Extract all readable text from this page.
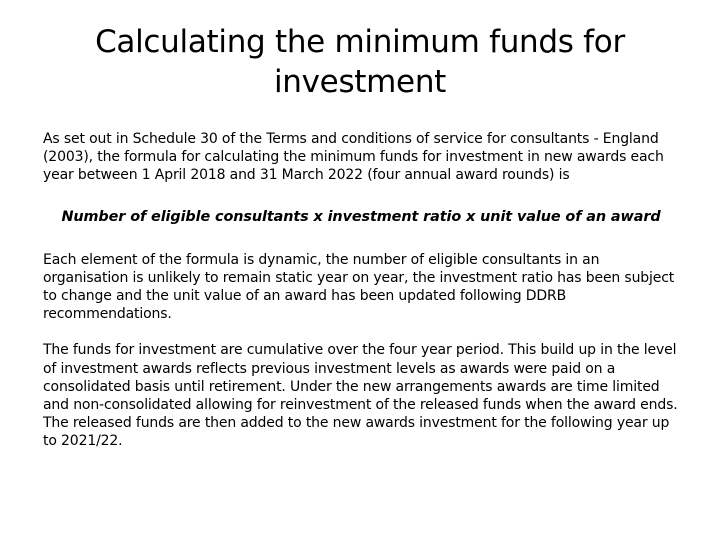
Calculating the minimum funds for investment

As set out in Schedule 30 of the Terms and conditions of service for consultants - England (2003), the formula for calculating the minimum funds for investment in new awards each year between 1 April 2018 and 31 March 2022 (four annual award rounds) is

Number of eligible consultants x investment ratio x unit value of an award

Each element of the formula is dynamic, the number of eligible consultants in an organisation is unlikely to remain static year on year, the investment ratio has been subject to change and the unit value of an award has been updated following DDRB recommendations.

The funds for investment are cumulative over the four year period. This build up in the level of investment awards reflects previous investment levels as awards were paid on a consolidated basis until retirement. Under the new arrangements awards are time limited and non-consolidated allowing for reinvestment of the released funds when the award ends. The released funds are then added to the new awards investment for the following year up to 2021/22.
